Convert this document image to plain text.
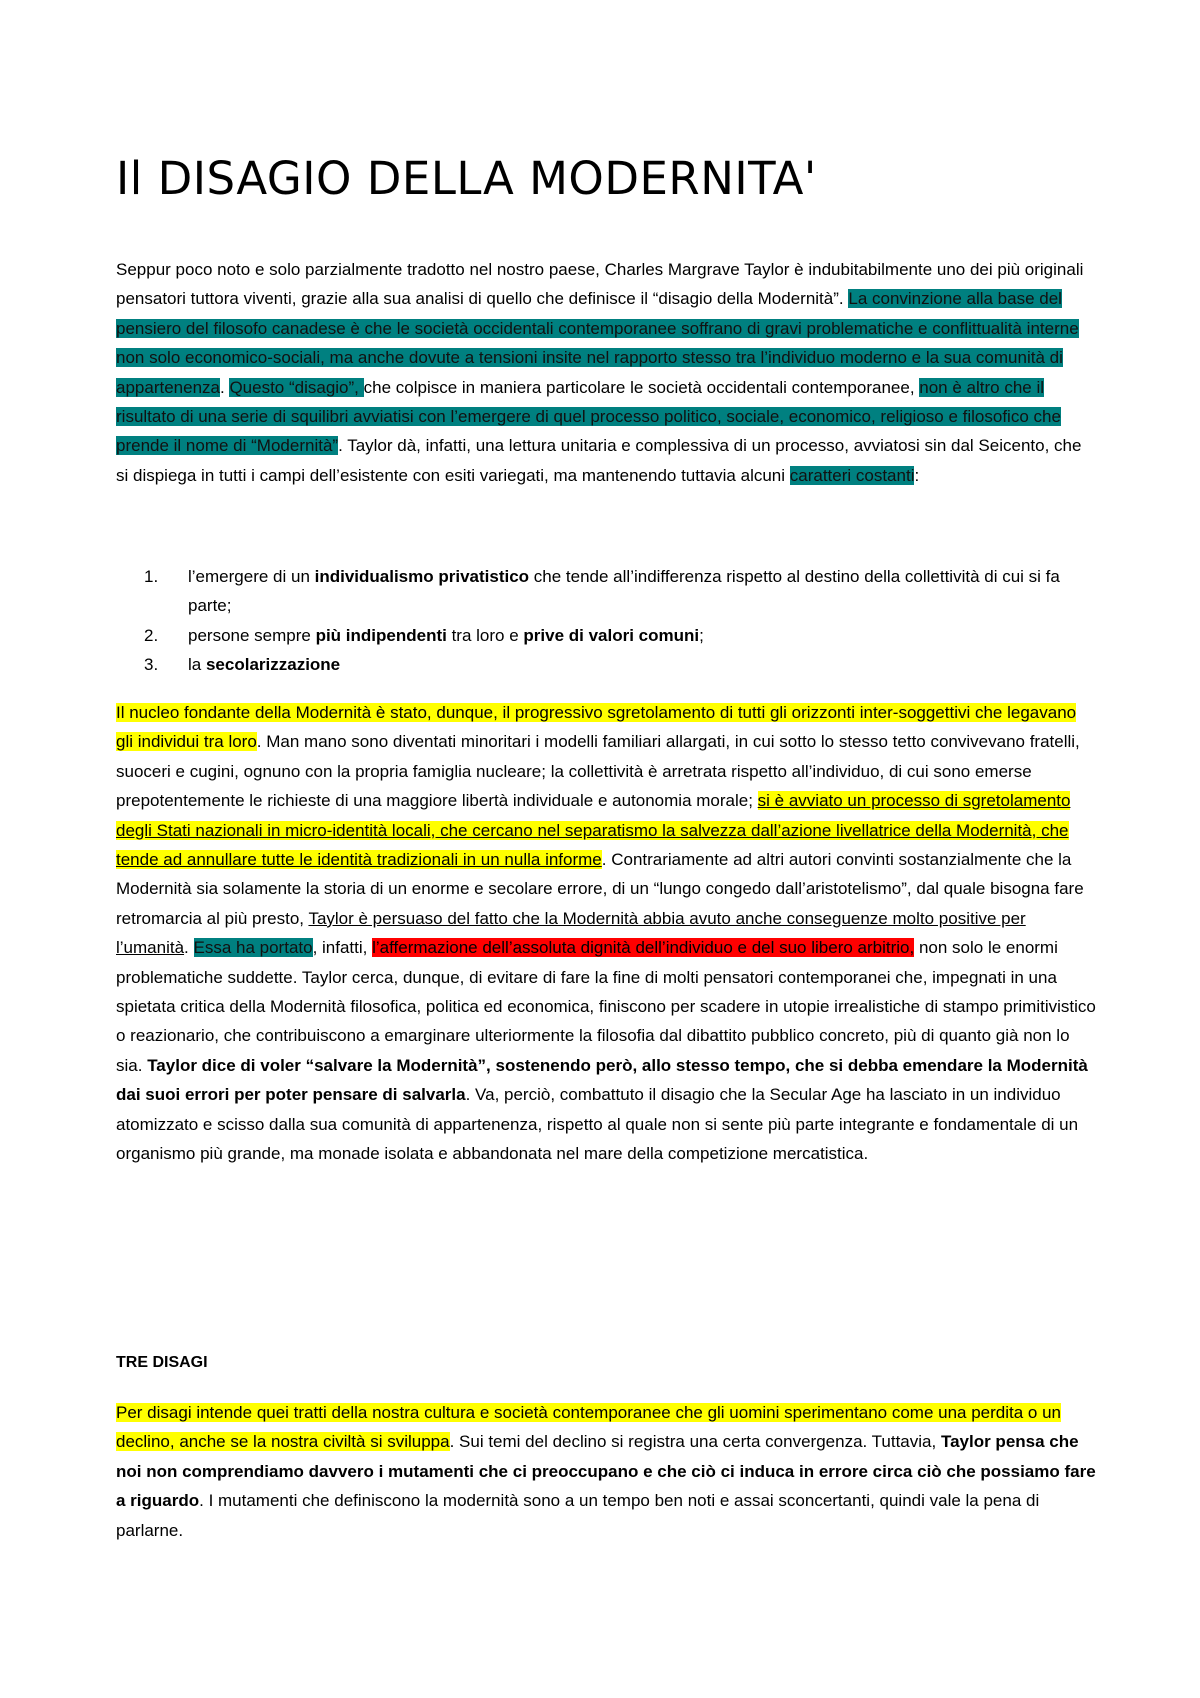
Il DISAGIO DELLA MODERNITA'

Seppur poco noto e solo parzialmente tradotto nel nostro paese, Charles Margrave Taylor è indubitabilmente uno dei più originali pensatori tuttora viventi, grazie alla sua analisi di quello che definisce il “disagio della Modernità”. La convinzione alla base del pensiero del filosofo canadese è che le società occidentali contemporanee soffrano di gravi problematiche e conflittualità interne non solo economico-sociali, ma anche dovute a tensioni insite nel rapporto stesso tra l’individuo moderno e la sua comunità di appartenenza. Questo “disagio”, che colpisce in maniera particolare le società occidentali contemporanee, non è altro che il risultato di una serie di squilibri avviatisi con l’emergere di quel processo politico, sociale, economico, religioso e filosofico che prende il nome di “Modernità”. Taylor dà, infatti, una lettura unitaria e complessiva di un processo, avviatosi sin dal Seicento, che si dispiega in tutti i campi dell’esistente con esiti variegati, ma mantenendo tuttavia alcuni caratteri costanti:

1. l’emergere di un individualismo privatistico che tende all’indifferenza rispetto al destino della collettività di cui si fa parte;
2. persone sempre più indipendenti tra loro e prive di valori comuni;
3. la secolarizzazione

Il nucleo fondante della Modernità è stato, dunque, il progressivo sgretolamento di tutti gli orizzonti inter-soggettivi che legavano gli individui tra loro. Man mano sono diventati minoritari i modelli familiari allargati, in cui sotto lo stesso tetto convivevano fratelli, suoceri e cugini, ognuno con la propria famiglia nucleare; la collettività è arretrata rispetto all’individuo, di cui sono emerse prepotentemente le richieste di una maggiore libertà individuale e autonomia morale; si è avviato un processo di sgretolamento degli Stati nazionali in micro-identità locali, che cercano nel separatismo la salvezza dall’azione livellatrice della Modernità, che tende ad annullare tutte le identità tradizionali in un nulla informe. Contrariamente ad altri autori convinti sostanzialmente che la Modernità sia solamente la storia di un enorme e secolare errore, di un “lungo congedo dall’aristotelismo”, dal quale bisogna fare retromarcia al più presto, Taylor è persuaso del fatto che la Modernità abbia avuto anche conseguenze molto positive per l’umanità. Essa ha portato, infatti, l’affermazione dell’assoluta dignità dell’individuo e del suo libero arbitrio, non solo le enormi problematiche suddette. Taylor cerca, dunque, di evitare di fare la fine di molti pensatori contemporanei che, impegnati in una spietata critica della Modernità filosofica, politica ed economica, finiscono per scadere in utopie irrealistiche di stampo primitivistico o reazionario, che contribuiscono a emarginare ulteriormente la filosofia dal dibattito pubblico concreto, più di quanto già non lo sia. Taylor dice di voler “salvare la Modernità”, sostenendo però, allo stesso tempo, che si debba emendare la Modernità dai suoi errori per poter pensare di salvarla. Va, perciò, combattuto il disagio che la Secular Age ha lasciato in un individuo atomizzato e scisso dalla sua comunità di appartenenza, rispetto al quale non si sente più parte integrante e fondamentale di un organismo più grande, ma monade isolata e abbandonata nel mare della competizione mercatistica.

TRE DISAGI

Per disagi intende quei tratti della nostra cultura e società contemporanee che gli uomini sperimentano come una perdita o un declino, anche se la nostra civiltà si sviluppa. Sui temi del declino si registra una certa convergenza. Tuttavia, Taylor pensa che noi non comprendiamo davvero i mutamenti che ci preoccupano e che ciò ci induca in errore circa ciò che possiamo fare a riguardo. I mutamenti che definiscono la modernità sono a un tempo ben noti e assai sconcertanti, quindi vale la pena di parlarne.
